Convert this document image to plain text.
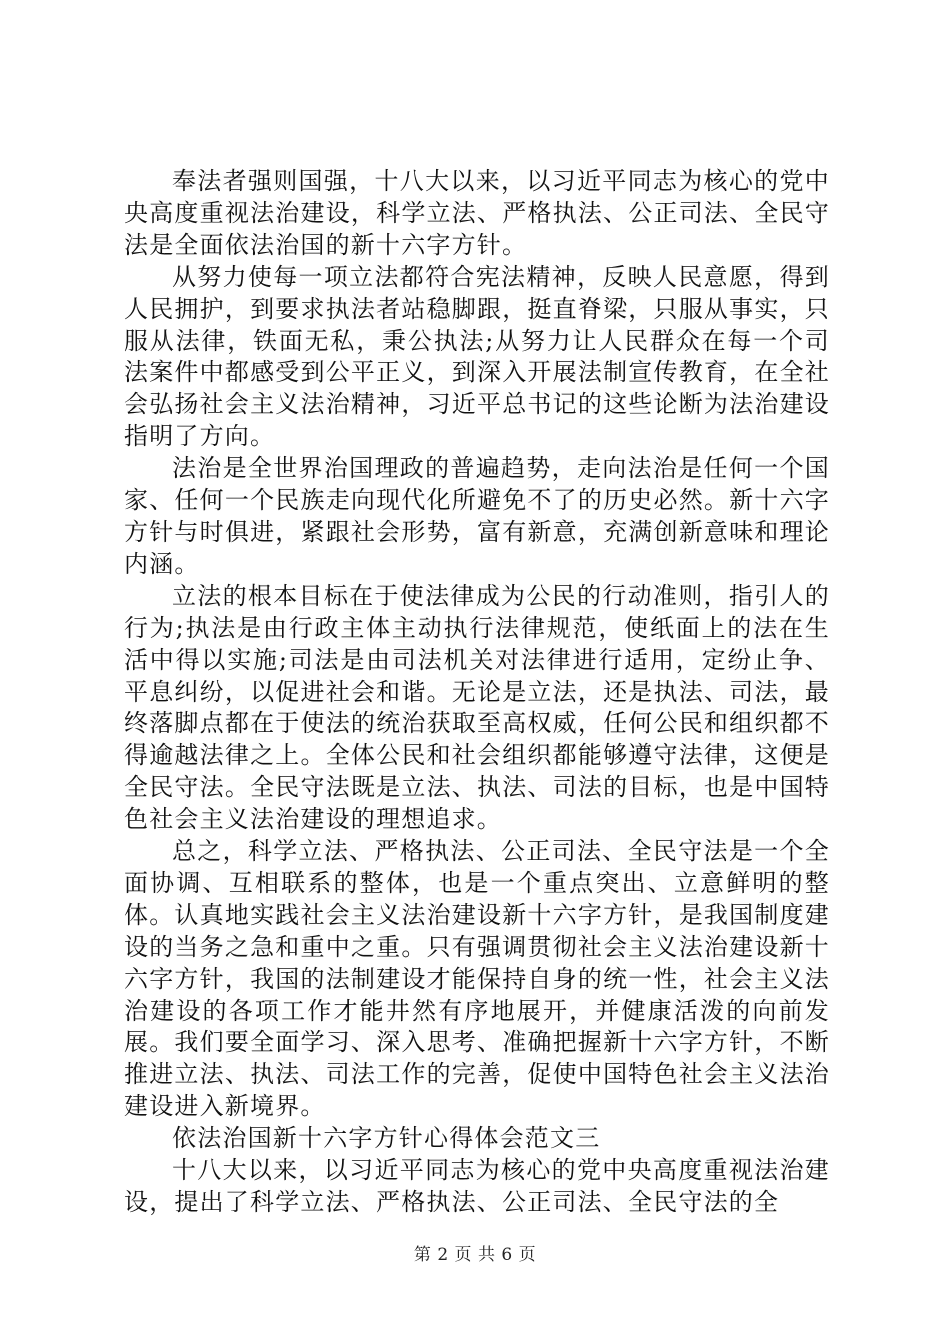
奉法者强则国强，十八大以来，以习近平同志为核心的党中央高度重视法治建设，科学立法、严格执法、公正司法、全民守法是全面依法治国的新十六字方针。

从努力使每一项立法都符合宪法精神，反映人民意愿，得到人民拥护，到要求执法者站稳脚跟，挺直脊梁，只服从事实，只服从法律，铁面无私，秉公执法;从努力让人民群众在每一个司法案件中都感受到公平正义，到深入开展法制宣传教育，在全社会弘扬社会主义法治精神，习近平总书记的这些论断为法治建设指明了方向。

法治是全世界治国理政的普遍趋势，走向法治是任何一个国家、任何一个民族走向现代化所避免不了的历史必然。新十六字方针与时俱进，紧跟社会形势，富有新意，充满创新意味和理论内涵。

立法的根本目标在于使法律成为公民的行动准则，指引人的行为;执法是由行政主体主动执行法律规范，使纸面上的法在生活中得以实施;司法是由司法机关对法律进行适用，定纷止争、平息纠纷，以促进社会和谐。无论是立法，还是执法、司法，最终落脚点都在于使法的统治获取至高权威，任何公民和组织都不得逾越法律之上。全体公民和社会组织都能够遵守法律，这便是全民守法。全民守法既是立法、执法、司法的目标，也是中国特色社会主义法治建设的理想追求。

总之，科学立法、严格执法、公正司法、全民守法是一个全面协调、互相联系的整体，也是一个重点突出、立意鲜明的整体。认真地实践社会主义法治建设新十六字方针，是我国制度建设的当务之急和重中之重。只有强调贯彻社会主义法治建设新十六字方针，我国的法制建设才能保持自身的统一性，社会主义法治建设的各项工作才能井然有序地展开，并健康活泼的向前发展。我们要全面学习、深入思考、准确把握新十六字方针，不断推进立法、执法、司法工作的完善，促使中国特色社会主义法治建设进入新境界。

依法治国新十六字方针心得体会范文三

十八大以来，以习近平同志为核心的党中央高度重视法治建设，提出了科学立法、严格执法、公正司法、全民守法的全

第 2 页 共 6 页
